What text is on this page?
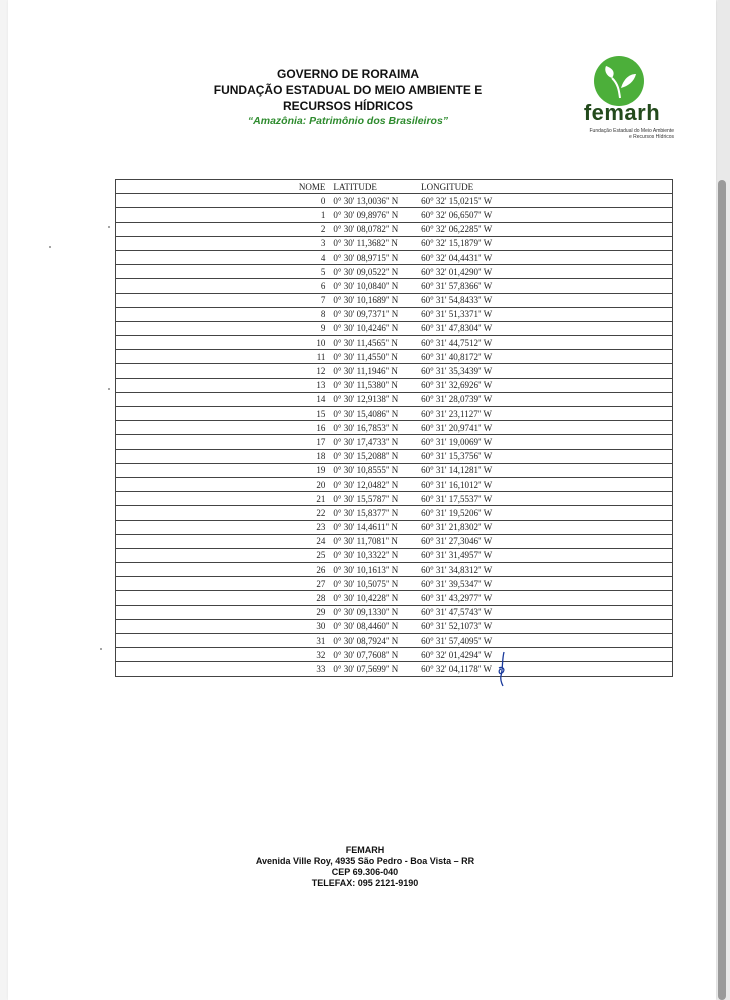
GOVERNO DE RORAIMA
FUNDAÇÃO ESTADUAL DO MEIO AMBIENTE E
RECURSOS HÍDRICOS
“Amazônia: Patrimônio dos Brasileiros”	femarh
Fundação Estadual do Meio Ambiente
e Recursos Hídricos
	NOME	LATITUDE	LONGITUDE	
	0	0° 30' 13,0036" N	60° 32' 15,0215" W	
	1	0° 30' 09,8976" N	60° 32' 06,6507" W	
	2	0° 30' 08,0782" N	60° 32' 06,2285" W	
	3	0° 30' 11,3682" N	60° 32' 15,1879" W	
	4	0° 30' 08,9715" N	60° 32' 04,4431" W	
	5	0° 30' 09,0522" N	60° 32' 01,4290" W	
	6	0° 30' 10,0840" N	60° 31' 57,8366" W	
	7	0° 30' 10,1689" N	60° 31' 54,8433" W	
	8	0° 30' 09,7371" N	60° 31' 51,3371" W	
	9	0° 30' 10,4246" N	60° 31' 47,8304" W	
	10	0° 30' 11,4565" N	60° 31' 44,7512" W	
	11	0° 30' 11,4550" N	60° 31' 40,8172" W	
	12	0° 30' 11,1946" N	60° 31' 35,3439" W	
	13	0° 30' 11,5380" N	60° 31' 32,6926" W	
	14	0° 30' 12,9138" N	60° 31' 28,0739" W	
	15	0° 30' 15,4086" N	60° 31' 23,1127" W	
	16	0° 30' 16,7853" N	60° 31' 20,9741" W	
	17	0° 30' 17,4733" N	60° 31' 19,0069" W	
	18	0° 30' 15,2088" N	60° 31' 15,3756" W	
	19	0° 30' 10,8555" N	60° 31' 14,1281" W	
	20	0° 30' 12,0482" N	60° 31' 16,1012" W	
	21	0° 30' 15,5787" N	60° 31' 17,5537" W	
	22	0° 30' 15,8377" N	60° 31' 19,5206" W	
	23	0° 30' 14,4611" N	60° 31' 21,8302" W	
	24	0° 30' 11,7081" N	60° 31' 27,3046" W	
	25	0° 30' 10,3322" N	60° 31' 31,4957" W	
	26	0° 30' 10,1613" N	60° 31' 34,8312" W	
	27	0° 30' 10,5075" N	60° 31' 39,5347" W	
	28	0° 30' 10,4228" N	60° 31' 43,2977" W	
	29	0° 30' 09,1330" N	60° 31' 47,5743" W	
	30	0° 30' 08,4460" N	60° 31' 52,1073" W	
	31	0° 30' 08,7924" N	60° 31' 57,4095" W	
	32	0° 30' 07,7608" N	60° 32' 01,4294" W	
	33	0° 30' 07,5699" N	60° 32' 04,1178" W	
FEMARH
Avenida Ville Roy, 4935 São Pedro - Boa Vista – RR
CEP 69.306-040
TELEFAX: 095 2121-9190
